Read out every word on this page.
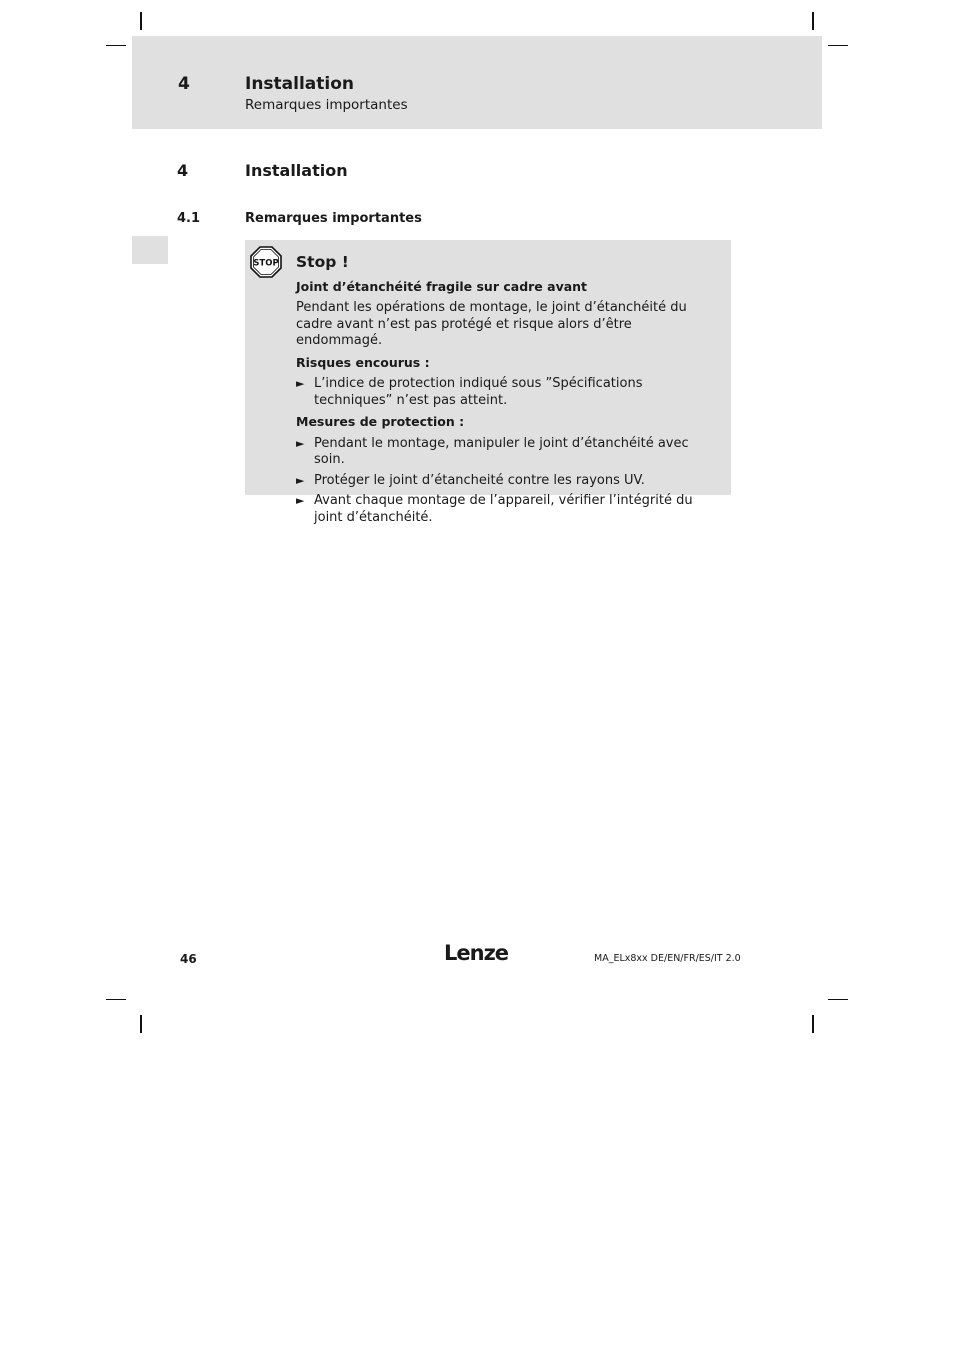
4	Installation
Remarques importantes
4	Installation
4.1	Remarques importantes
STOP Stop !
Joint d’étanchéité fragile sur cadre avant
Pendant les opérations de montage, le joint d’étanchéité du cadre avant n’est pas protégé et risque alors d’être endommagé.
Risques encourus :
► L’indice de protection indiqué sous ”Spécifications techniques” n’est pas atteint.
Mesures de protection :
► Pendant le montage, manipuler le joint d’étanchéité avec soin.
► Protéger le joint d’étancheité contre les rayons UV.
► Avant chaque montage de l’appareil, vérifier l’intégrité du joint d’étanchéité.
46	Lenze	MA_ELx8xx DE/EN/FR/ES/IT 2.0
